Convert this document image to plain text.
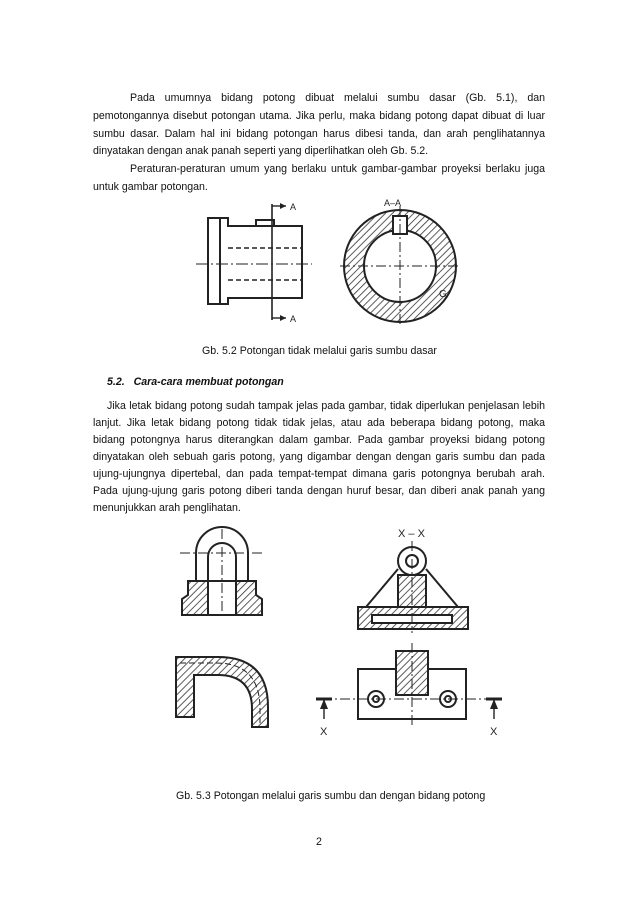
Pada umumnya bidang potong dibuat melalui sumbu dasar (Gb. 5.1), dan pemotongannya disebut potongan utama. Jika perlu, maka bidang potong dapat dibuat di luar sumbu dasar. Dalam hal ini bidang potongan harus dibesi tanda, dan arah penglihatannya dinyatakan dengan anak panah seperti yang diperlihatkan oleh Gb. 5.2.
Peraturan-peraturan umum yang berlaku untuk gambar-gambar proyeksi berlaku juga untuk gambar potongan.
A
A
A–A
G
Gb. 5.2 Potongan tidak melalui garis sumbu dasar
5.2. Cara-cara membuat potongan
Jika letak bidang potong sudah tampak jelas pada gambar, tidak diperlukan penjelasan lebih lanjut. Jika letak bidang potong tidak tidak jelas, atau ada beberapa bidang potong, maka bidang potongnya harus diterangkan dalam gambar. Pada gambar proyeksi bidang potong dinyatakan oleh sebuah garis potong, yang digambar dengan dengan garis sumbu dan pada ujung-ujungnya dipertebal, dan pada tempat-tempat dimana garis potongnya berubah arah. Pada ujung-ujung garis potong diberi tanda dengan huruf besar, dan diberi anak panah yang menunjukkan arah penglihatan.
X – X
X	X
Gb. 5.3 Potongan melalui garis sumbu dan dengan bidang potong
2
